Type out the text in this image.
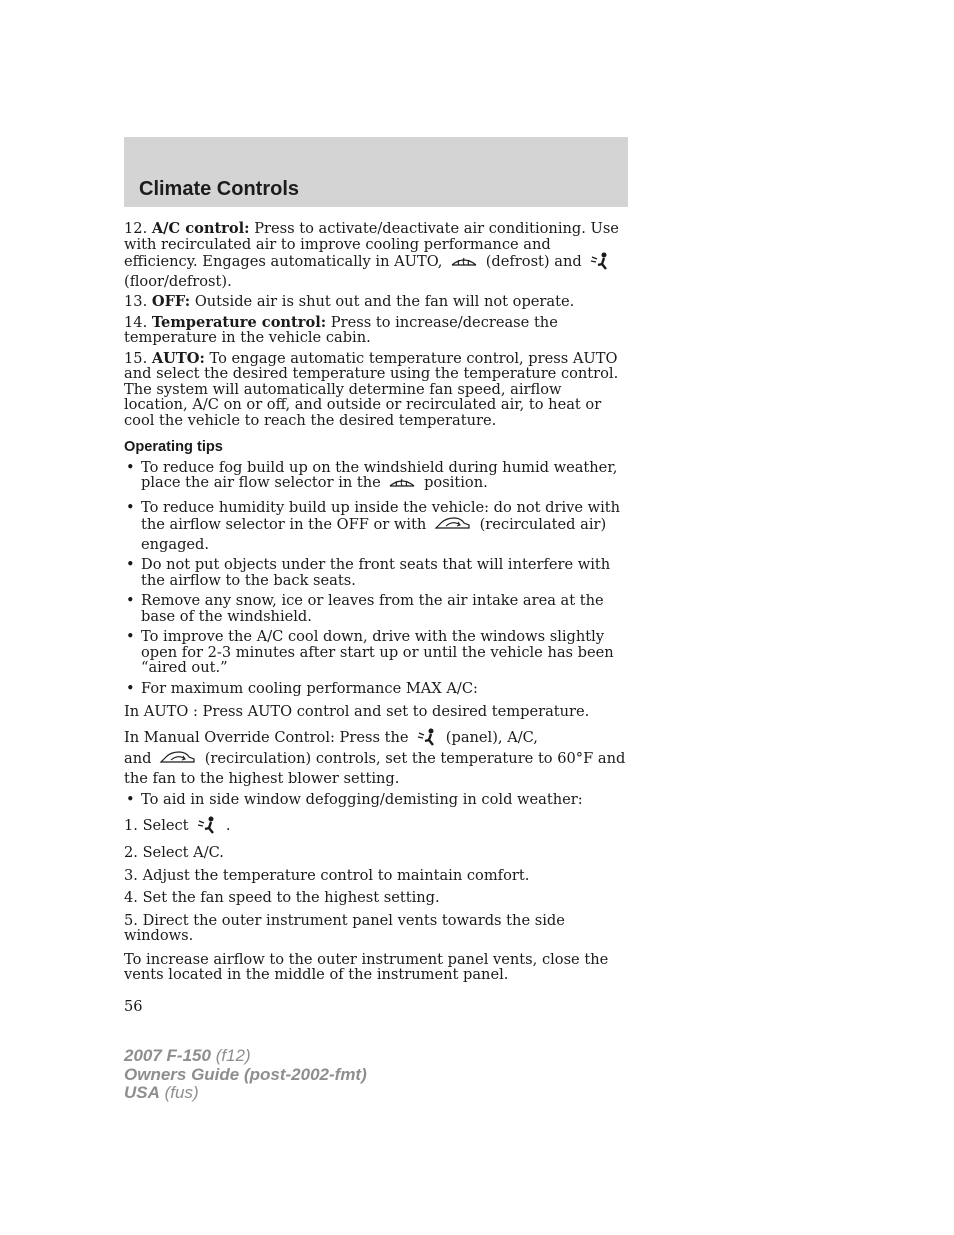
Climate Controls

12. A/C control: Press to activate/deactivate air conditioning. Use with recirculated air to improve cooling performance and efficiency. Engages automatically in AUTO,	(defrost) and  (floor/defrost).

13. OFF: Outside air is shut out and the fan will not operate.

14. Temperature control: Press to increase/decrease the temperature in the vehicle cabin.

15. AUTO: To engage automatic temperature control, press AUTO and select the desired temperature using the temperature control. The system will automatically determine fan speed, airflow location, A/C on or off, and outside or recirculated air, to heat or cool the vehicle to reach the desired temperature.

Operating tips
• To reduce fog build up on the windshield during humid weather, place the air flow selector in the	position.
• To reduce humidity build up inside the vehicle: do not drive with the airflow selector in the OFF or with	(recirculated air) engaged.
• Do not put objects under the front seats that will interfere with the airflow to the back seats.
• Remove any snow, ice or leaves from the air intake area at the base of the windshield.
• To improve the A/C cool down, drive with the windows slightly open for 2-3 minutes after start up or until the vehicle has been “aired out.”
• For maximum cooling performance MAX A/C:

In AUTO : Press AUTO control and set to desired temperature.

In Manual Override Control: Press the	(panel), A/C,
and	(recirculation) controls, set the temperature to 60°F and the fan to the highest blower setting.

• To aid in side window defogging/demisting in cold weather:

1. Select	.

2. Select A/C.

3. Adjust the temperature control to maintain comfort.

4. Set the fan speed to the highest setting.

5. Direct the outer instrument panel vents towards the side windows.

To increase airflow to the outer instrument panel vents, close the vents located in the middle of the instrument panel.

56
2007 F-150 (f12)
Owners Guide (post-2002-fmt)
USA (fus)
